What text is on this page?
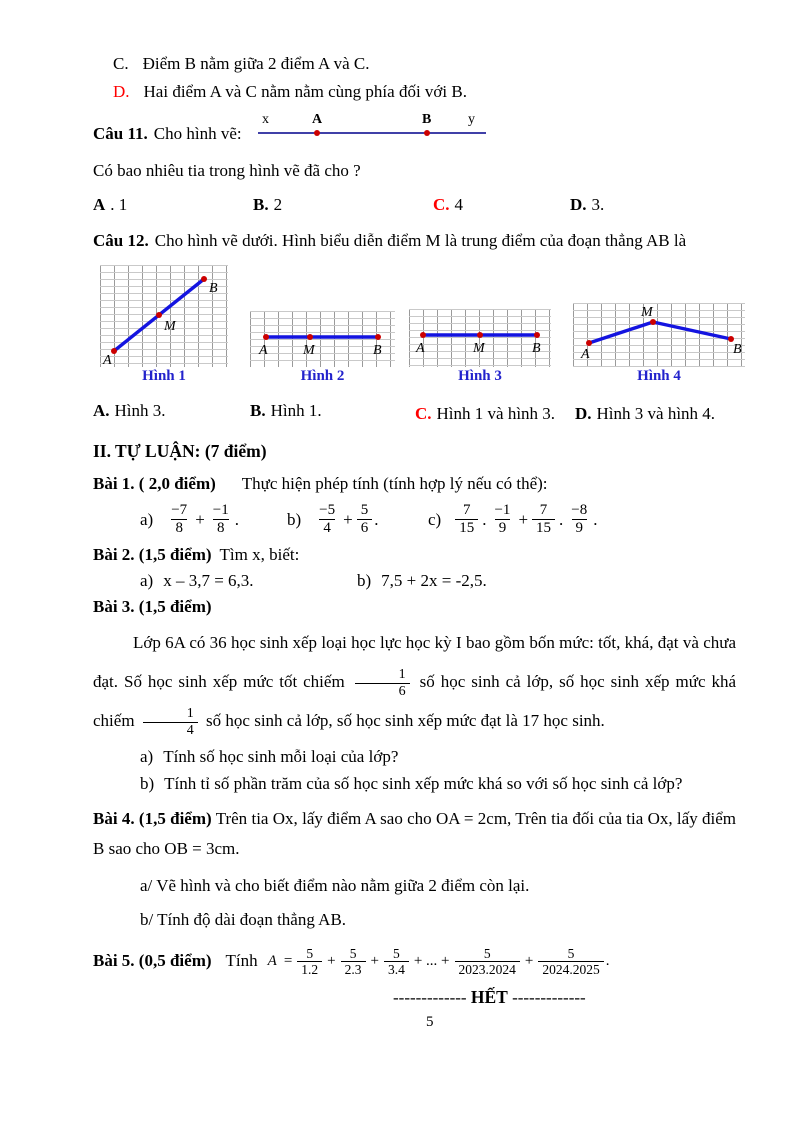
C. Điểm B nằm giữa 2 điểm A và C.
D. Hai điểm A và C nằm nằm cùng phía đối với B.
Câu 11. Cho hình vẽ:
x	A	B	y
Có bao nhiêu tia trong hình vẽ đã cho ?
A . 1	B. 2	C. 4	D. 3.
Câu 12. Cho hình vẽ dưới. Hình biểu diễn điểm M là trung điểm của đoạn thẳng AB là
A
M
B
Hình 1
A	M	B
Hình 2
A	M	B
Hình 3
A
M
B
Hình 4
A. Hình 3.	B. Hình 1.	C. Hình 1 và hình 3.	D. Hình 3 và hình 4.
II. TỰ LUẬN: (7 điểm)
Bài 1. ( 2,0 điểm) Thực hiện phép tính (tính hợp lý nếu có thể):
$a) \frac{-7}{8} + \frac{-1}{8}$ .	$b) \frac{-5}{4} + \frac{5}{6}$ .	$c) \frac{7}{15}$ . $\frac{-1}{9} + \frac{7}{15}$ . $\frac{-8}{9}$ .
Bài 2. (1,5 điểm) Tìm x, biết:
a) x – 3,7 = 6,3.	b) 7,5 + 2x = -2,5.
Bài 3. (1,5 điểm)
Lớp 6A có 36 học sinh xếp loại học lực học kỳ I bao gồm bốn mức: tốt, khá, đạt và chưa đạt. Số học sinh xếp mức tốt chiếm $\frac{1}{6}$ số học sinh cả lớp, số học sinh xếp mức khá chiếm $\frac{1}{4}$ số học sinh cả lớp, số học sinh xếp mức đạt là 17 học sinh.
a) Tính số học sinh mỗi loại của lớp?
b) Tính tỉ số phần trăm của số học sinh xếp mức khá so với số học sinh cả lớp?
Bài 4. (1,5 điểm) Trên tia Ox, lấy điểm A sao cho OA = 2cm, Trên tia đối của tia Ox, lấy điểm B sao cho OB = 3cm.
a/ Vẽ hình và cho biết điểm nào nằm giữa 2 điểm còn lại.
b/ Tính độ dài đoạn thẳng AB.
Bài 5. (0,5 điểm) Tính $A = \frac{5}{1.2} + \frac{5}{2.3} + \frac{5}{3.4}$ + ... + $\frac{5}{2023.2024} + \frac{5}{2024.2025}$ .
------------- HẾT -------------
5
